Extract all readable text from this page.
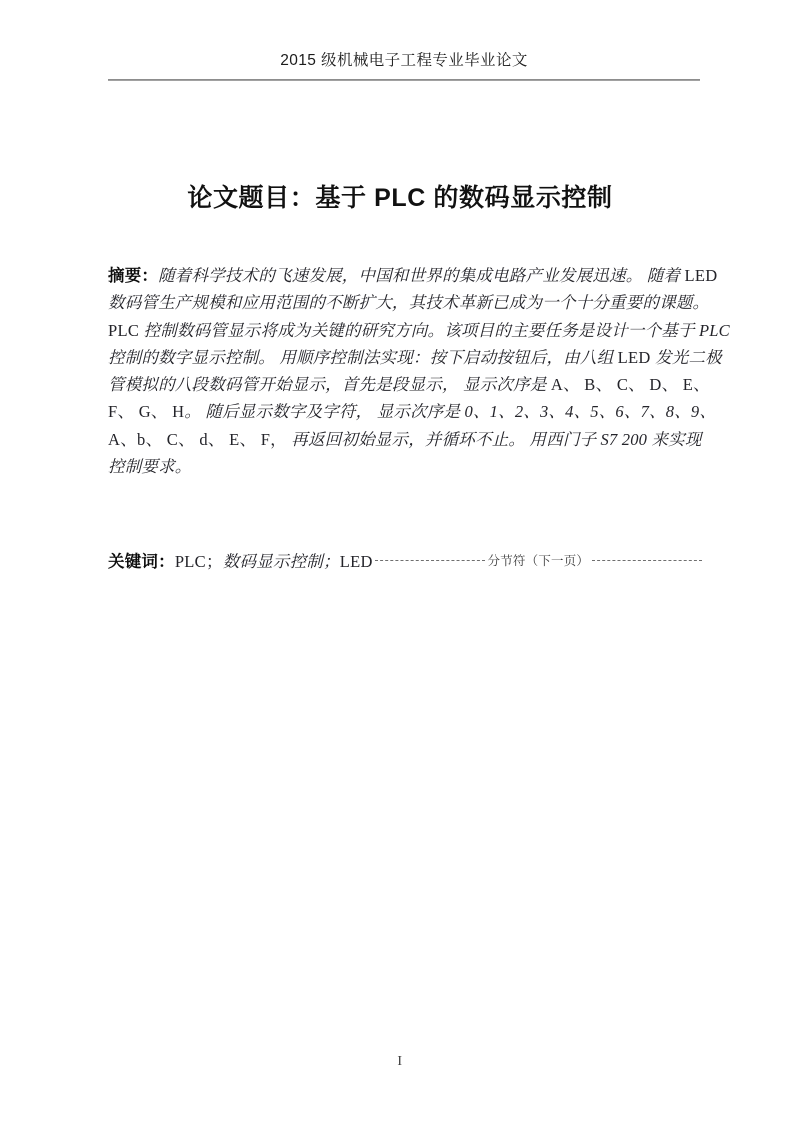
2015 级机械电子工程专业毕业论文
论文题目：基于 PLC 的数码显示控制
摘要：随着科学技术的飞速发展，中国和世界的集成电路产业发展迅速。 随着 LED
数码管生产规模和应用范围的不断扩大，其技术革新已成为一个十分重要的课题。
PLC 控制数码管显示将成为关键的研究方向。该项目的主要任务是设计一个基于 PLC
控制的数字显示控制。 用顺序控制法实现：按下启动按钮后，由八组 LED 发光二极
管模拟的八段数码管开始显示，首先是段显示， 显示次序是 A、 B、 C、 D、 E、
F、 G、 H。 随后显示数字及字符， 显示次序是 0、1、2、3、4、5、6、7、8、9、
A、b、 C、 d、 E、 F， 再返回初始显示，并循环不止。 用西门子 S7 200 来实现
控制要求。
关键词：PLC；数码显示控制；LED	分节符（下一页）
I
